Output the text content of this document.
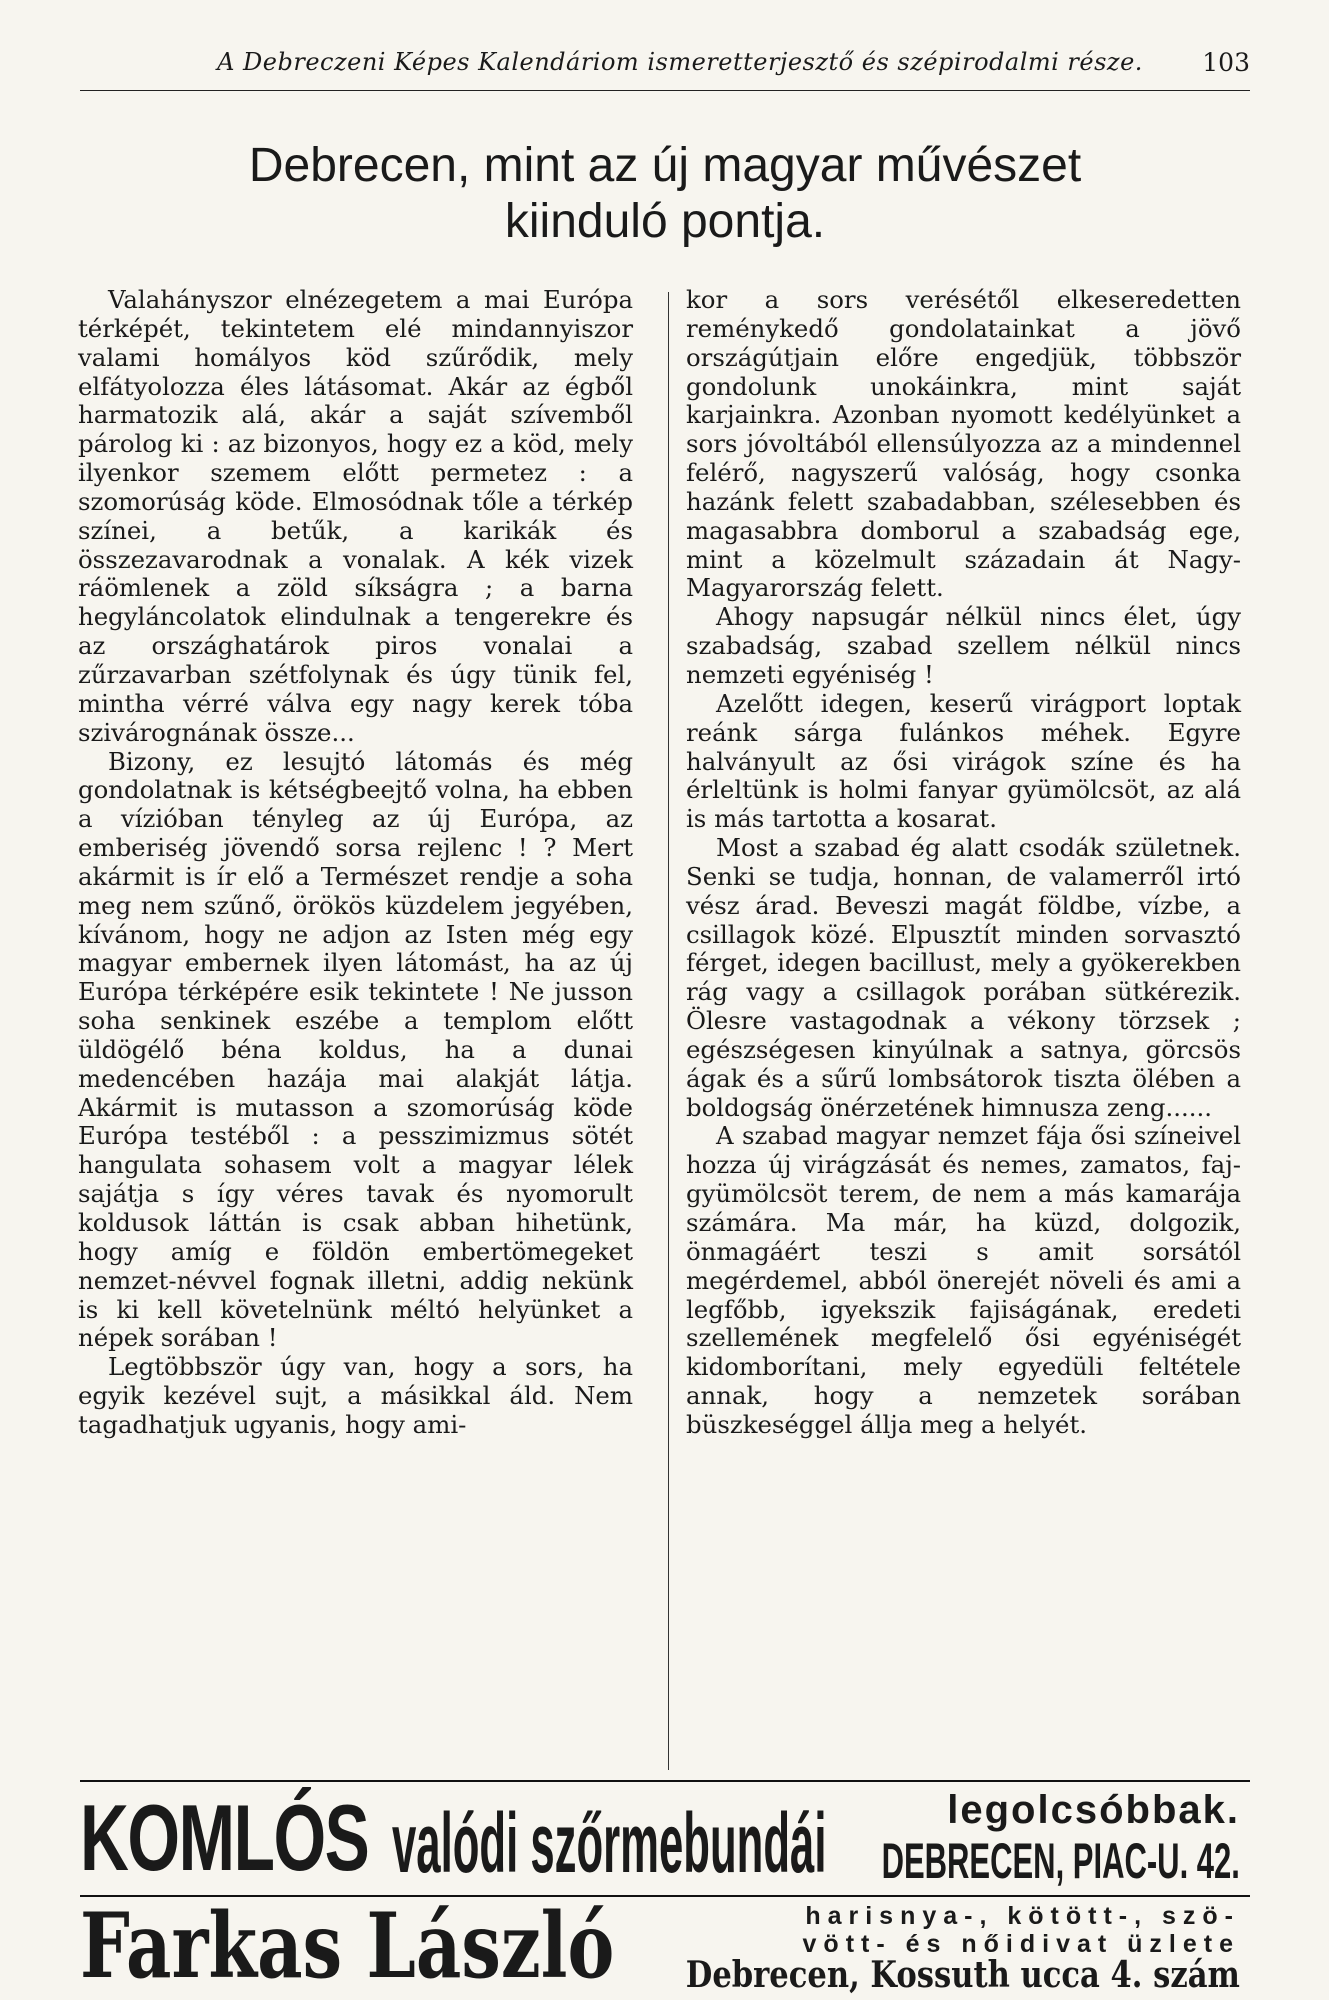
A Debreczeni Képes Kalendáriom ismeretterjesztő és szépirodalmi része.	103
Debrecen, mint az új magyar művészet
kiinduló pontja.

Valahányszor elnézegetem a mai Európa térképét, tekintetem elé mindannyiszor valami homályos köd szűrődik, mely elfátyolozza éles látásomat. Akár az égből harmatozik alá, akár a saját szívemből párolog ki : az bizonyos, hogy ez a köd, mely ilyenkor szemem előtt permetez : a szomorúság köde. Elmosódnak tőle a térkép színei, a betűk, a karikák és összezavarodnak a vonalak. A kék vizek ráömlenek a zöld síkságra ; a barna hegyláncolatok elindulnak a tengerekre és az országhatárok piros vonalai a zűrzavarban szétfolynak és úgy tünik fel, mintha vérré válva egy nagy kerek tóba szivárognának össze...

Bizony, ez lesujtó látomás és még gondolatnak is kétségbeejtő volna, ha ebben a vízióban tényleg az új Európa, az emberiség jövendő sorsa rejlenc ! ? Mert akármit is ír elő a Természet rendje a soha meg nem szűnő, örökös küzdelem jegyében, kívánom, hogy ne adjon az Isten még egy magyar embernek ilyen látomást, ha az új Európa térképére esik tekintete ! Ne jusson soha senkinek eszébe a templom előtt üldögélő béna koldus, ha a dunai medencében hazája mai alakját látja. Akármit is mutasson a szomorúság köde Európa testéből : a pesszimizmus sötét hangulata sohasem volt a magyar lélek sajátja s így véres tavak és nyomorult koldusok láttán is csak abban hihetünk, hogy amíg e földön embertömegeket nemzet-névvel fognak illetni, addig nekünk is ki kell követelnünk méltó helyünket a népek sorában !

Legtöbbször úgy van, hogy a sors, ha egyik kezével sujt, a másikkal áld. Nem tagadhatjuk ugyanis, hogy ami-

kor a sors verésétől elkeseredetten reménykedő gondolatainkat a jövő országútjain előre engedjük, többször gondolunk unokáinkra, mint saját karjainkra. Azonban nyomott kedélyünket a sors jóvoltából ellensúlyozza az a mindennel felérő, nagyszerű valóság, hogy csonka hazánk felett szabadabban, szélesebben és magasabbra domborul a szabadság ege, mint a közelmult századain át Nagy-Magyarország felett.

Ahogy napsugár nélkül nincs élet, úgy szabadság, szabad szellem nélkül nincs nemzeti egyéniség !

Azelőtt idegen, keserű virágport loptak reánk sárga fulánkos méhek. Egyre halványult az ősi virágok színe és ha érleltünk is holmi fanyar gyümölcsöt, az alá is más tartotta a kosarat.

Most a szabad ég alatt csodák születnek. Senki se tudja, honnan, de valamerről irtó vész árad. Beveszi magát földbe, vízbe, a csillagok közé. Elpusztít minden sorvasztó férget, idegen bacillust, mely a gyökerekben rág vagy a csillagok porában sütkérezik. Ölesre vastagodnak a vékony törzsek ; egészségesen kinyúlnak a satnya, görcsös ágak és a sűrű lombsátorok tiszta ölében a boldogság önérzetének himnusza zeng......

A szabad magyar nemzet fája ősi színeivel hozza új virágzását és nemes, zamatos, faj-gyümölcsöt terem, de nem a más kamarája számára. Ma már, ha küzd, dolgozik, önmagáért teszi s amit sorsától megérdemel, abból önerejét növeli és ami a legfőbb, igyekszik fajiságának, eredeti szellemének megfelelő ősi egyéniségét kidomborítani, mely egyedüli feltétele annak, hogy a nemzetek sorában büszkeséggel állja meg a helyét.

KOMLÓS valódi szőrmebundái	legolcsóbbak.
DEBRECEN, PIAC-U. 42.
Farkas László	harisnya-, kötött-, szö-
vött- és nőidivat üzlete
Debrecen, Kossuth ucca 4. szám
